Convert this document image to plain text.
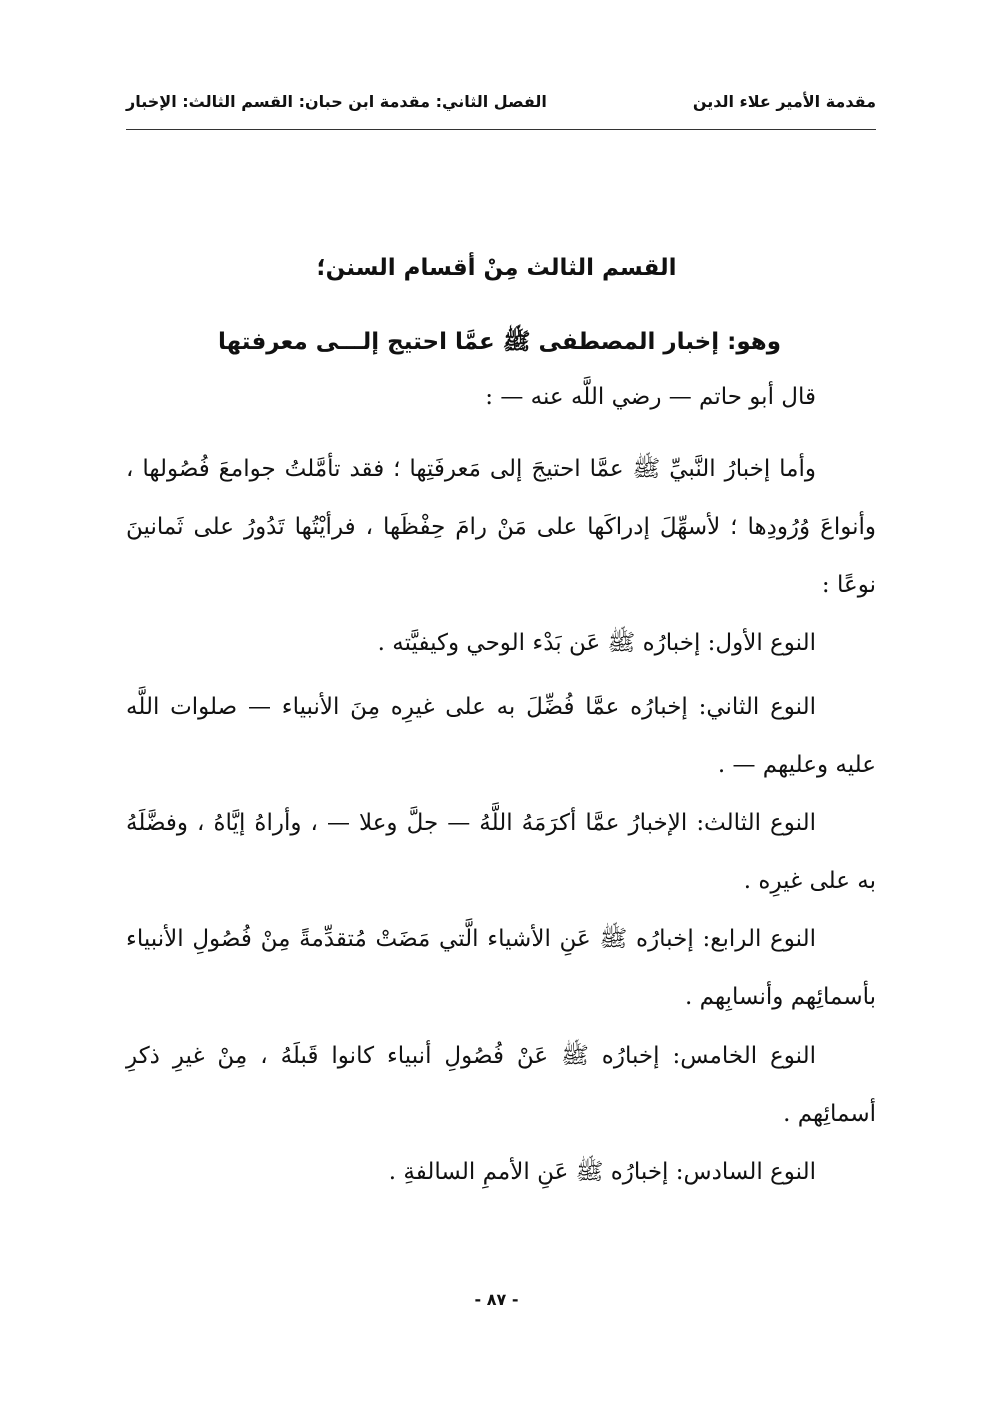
مقدمة الأمير علاء الدين
الفصل الثاني: مقدمة ابن حبان: القسم الثالث: الإخبار
القسم الثالث مِنْ أقسام السنن؛
وهو: إخبار المصطفى ﷺ عمَّا احتيج إلـــى معرفتها
قال أبو حاتم — رضي اللَّه عنه — :

وأما إخبارُ النَّبيِّ ﷺ عمَّا احتيجَ إلى مَعرفَتِها ؛ فقد تأمَّلتُ جوامعَ فُصُولها ، وأنواعَ وُرُودِها ؛ لأسهِّلَ إدراكَها على مَنْ رامَ حِفْظَها ، فرأيْتُها تَدُورُ على ثَمانينَ نوعًا :

النوع الأول: إخبارُه ﷺ عَن بَدْء الوحي وكيفيَّته .

النوع الثاني: إخبارُه عمَّا فُضِّلَ به على غيرِه مِنَ الأنبياء — صلوات اللَّه عليه وعليهم — .

النوع الثالث: الإخبارُ عمَّا أكرَمَهُ اللَّهُ — جلَّ وعلا — ، وأراهُ إيَّاهُ ، وفضَّلَهُ به على غيرِه .

النوع الرابع: إخبارُه ﷺ عَنِ الأشياء الَّتي مَضَتْ مُتقدِّمةً مِنْ فُصُولِ الأنبياء بأسمائِهم وأنسابِهم .

النوع الخامس: إخبارُه ﷺ عَنْ فُصُولِ أنبياء كانوا قَبلَهُ ، مِنْ غيرِ ذكرِ أسمائِهم .

النوع السادس: إخبارُه ﷺ عَنِ الأممِ السالفةِ .

- ٨٧ -
